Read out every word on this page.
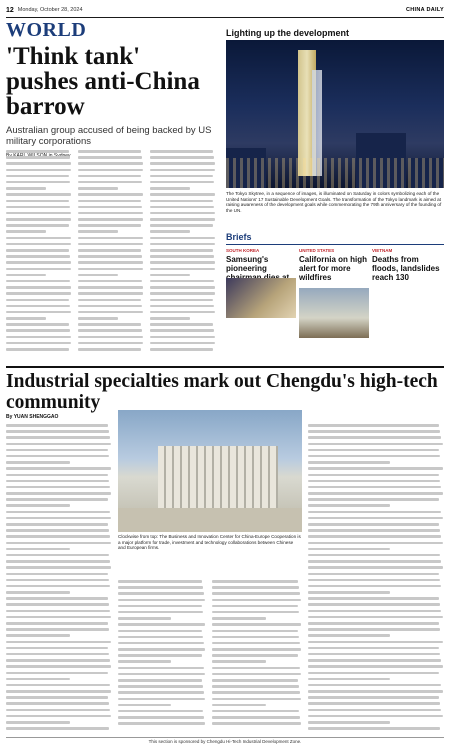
12 Monday, October 28, 2024	CHINA DAILY
WORLD
'Think tank' pushes anti-China barrow
Australian group accused of being backed by US military corporations
Lighting up the development
The Tokyo Skytree, in a sequence of images, is illuminated on Saturday in colors symbolizing each of the United Nations' 17 Sustainable Development Goals. The transformation of the Tokyo landmark is aimed at raising awareness of the development goals while commemorating the 79th anniversary of the founding of the UN.
Briefs
SOUTH KOREA
Samsung's pioneering
UNITED STATES
California on high alert for more wildfires
VIETNAM
Deaths from floods, landslides reach 130
Industrial specialties mark out Chengdu's high-tech community
By YUAN SHENGGAO
Clockwise from top: The Business and Innovation Center for China-Europe Cooperation is a major platform for trade, investment and technology collaborations between Chinese and European firms.
This section is sponsored by Chengdu Hi-Tech Industrial Development Zone.
